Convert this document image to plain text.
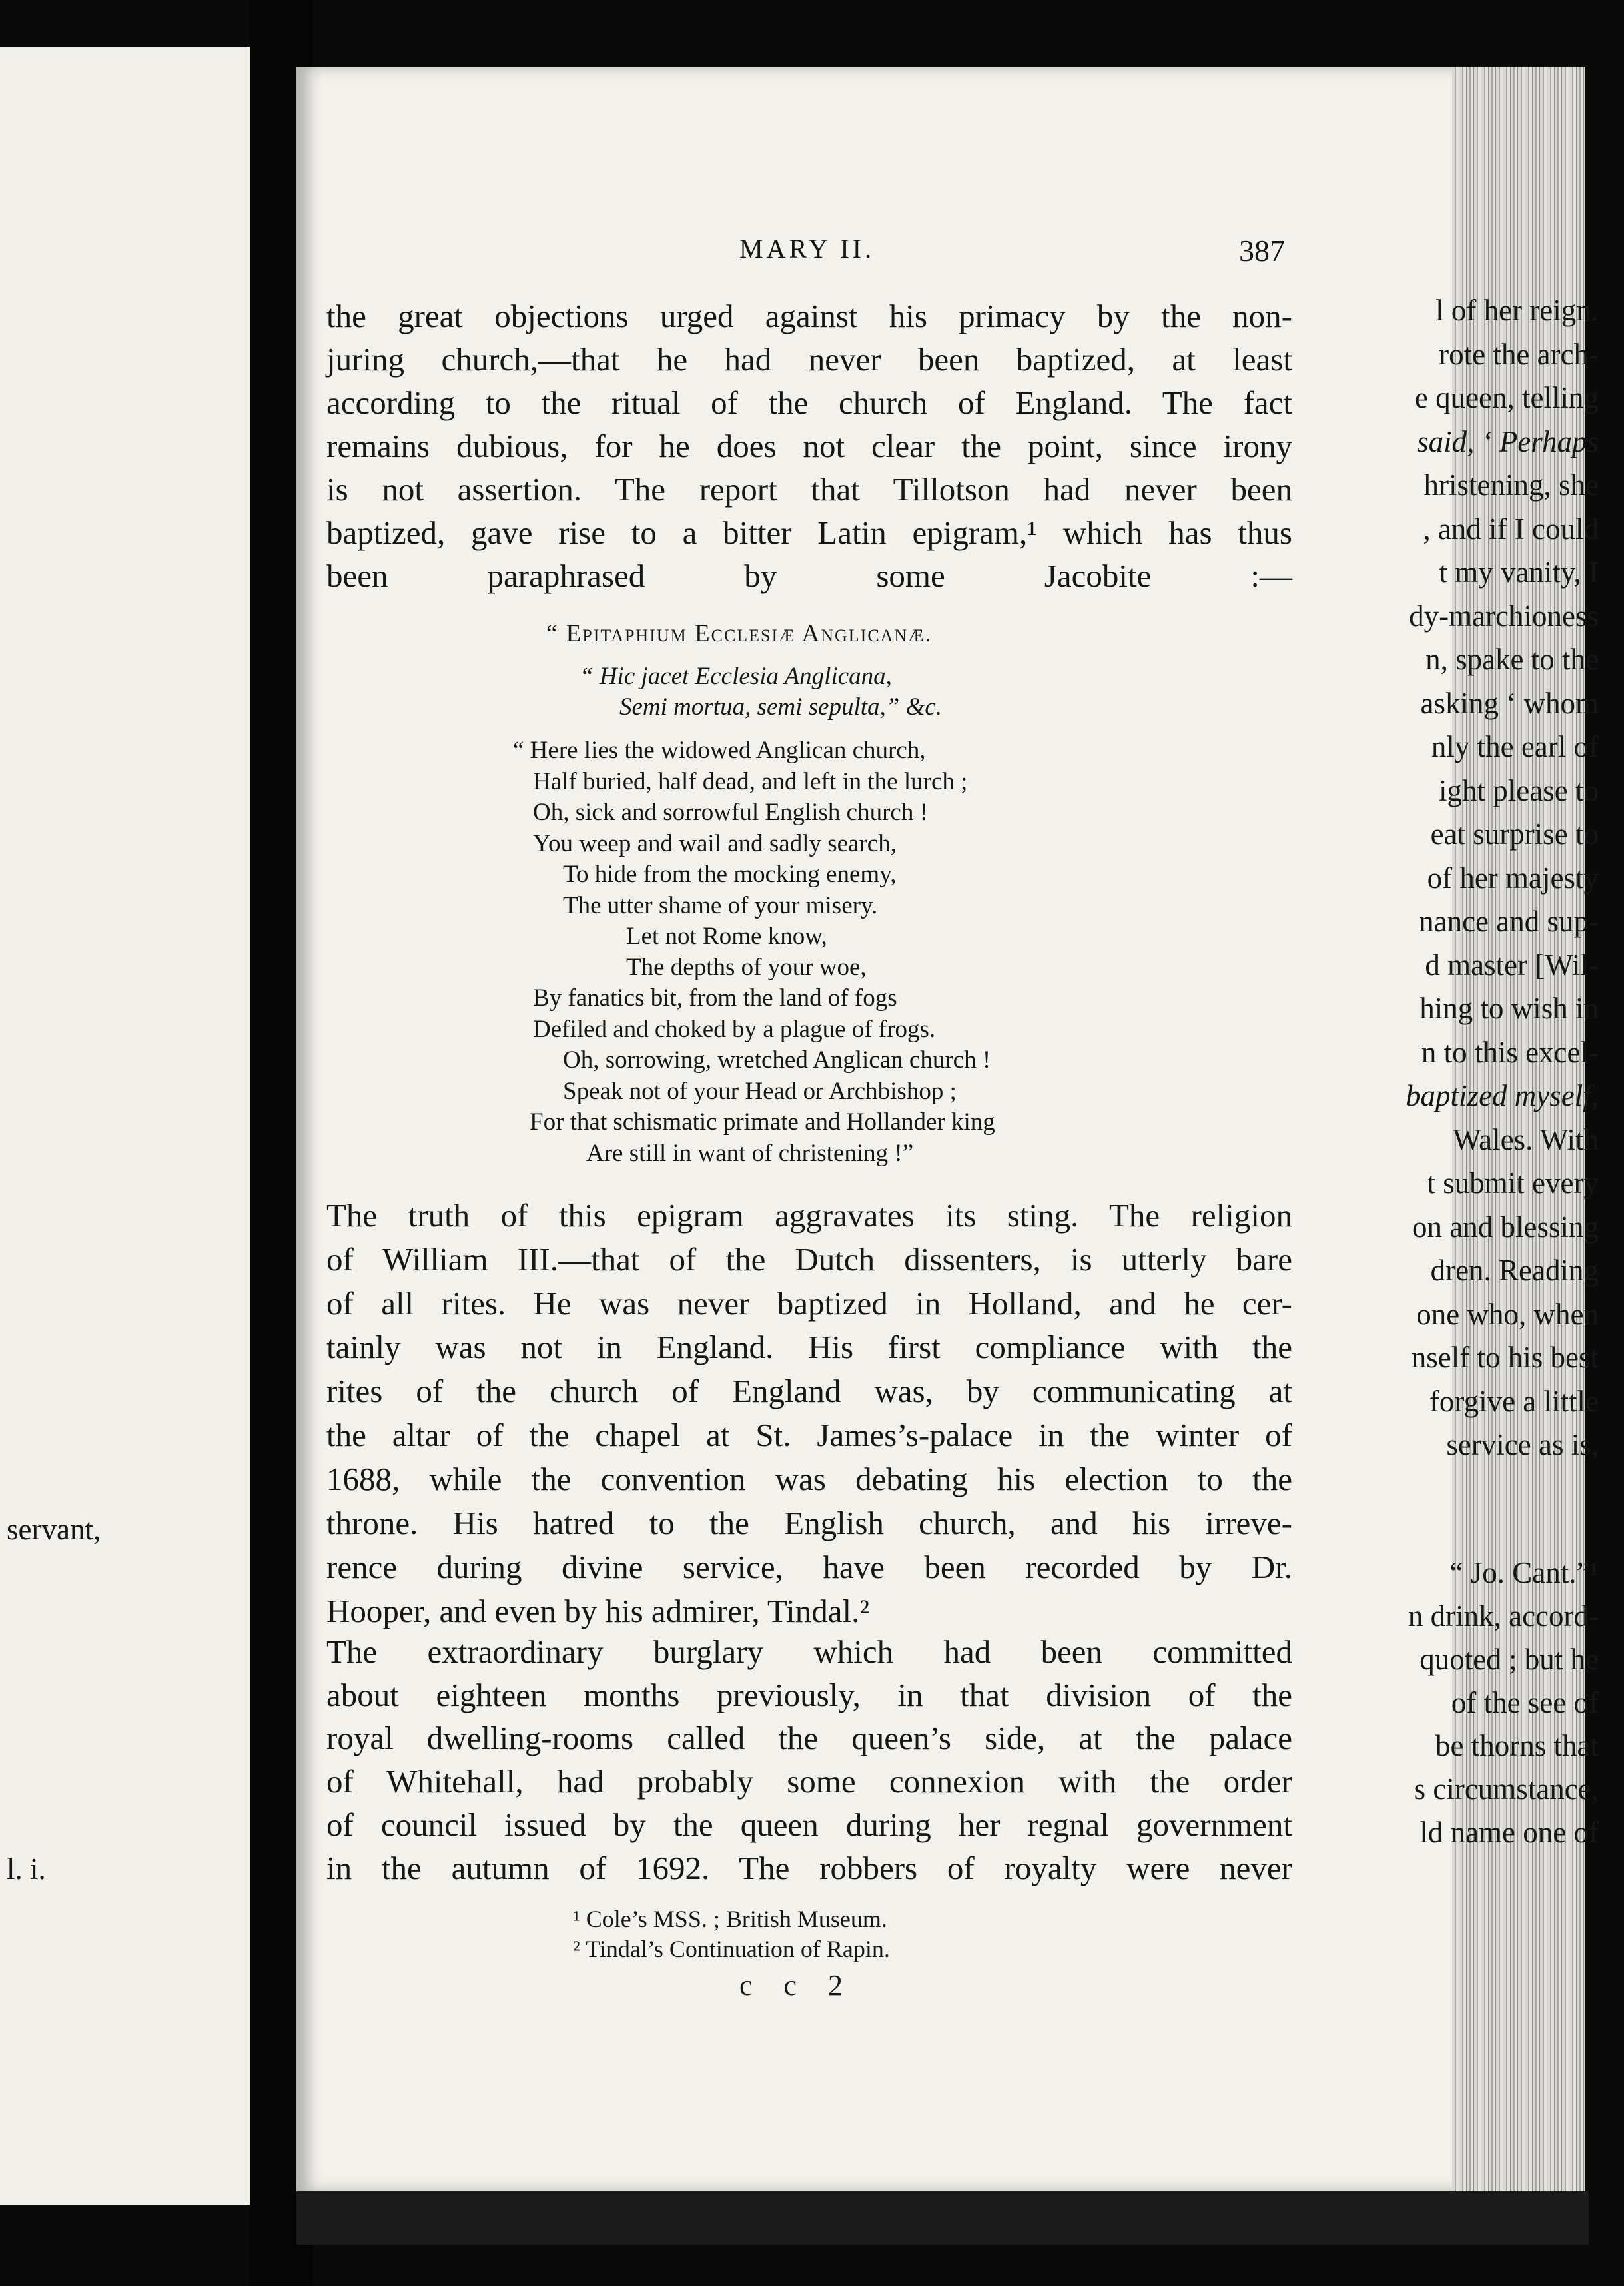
l of her reign.
rote the arch-
e queen, telling
said, ‘ Perhaps
hristening, she
, and if I could
t my vanity, I
dy-marchioness
n, spake to the
asking ‘ whom
nly the earl of
ight please to
eat surprise to
of her majesty
nance and sup-
d master [Wil-
hing to wish in
n to this excel-
baptized myself,
Wales. With
t submit every
on and blessing
dren. Reading
one who, when
nself to his best
forgive a little
service as is,
servant,
“ Jo. Cant.”¹
n drink, accord-
quoted ; but he
of the see of
be thorns that
s circumstance,
ld name one of
l. i.
MARY II.	387
the great objections urged against his primacy by the non-
juring church,—that he had never been baptized, at least
according to the ritual of the church of England. The fact
remains dubious, for he does not clear the point, since irony
is not assertion. The report that Tillotson had never been
baptized, gave rise to a bitter Latin epigram,¹ which has thus
been paraphrased by some Jacobite :—
“ Epitaphium Ecclesiæ Anglicanæ.
“ Hic jacet Ecclesia Anglicana,
Semi mortua, semi sepulta,” &c.
“ Here lies the widowed Anglican church,
Half buried, half dead, and left in the lurch ;
Oh, sick and sorrowful English church !
You weep and wail and sadly search,
To hide from the mocking enemy,
The utter shame of your misery.
Let not Rome know,
The depths of your woe,
By fanatics bit, from the land of fogs
Defiled and choked by a plague of frogs.
Oh, sorrowing, wretched Anglican church !
Speak not of your Head or Archbishop ;
For that schismatic primate and Hollander king
Are still in want of christening !”
The truth of this epigram aggravates its sting. The religion
of William III.—that of the Dutch dissenters, is utterly bare
of all rites. He was never baptized in Holland, and he cer-
tainly was not in England. His first compliance with the
rites of the church of England was, by communicating at
the altar of the chapel at St. James’s-palace in the winter of
1688, while the convention was debating his election to the
throne. His hatred to the English church, and his irreve-
rence during divine service, have been recorded by Dr.
Hooper, and even by his admirer, Tindal.²
The extraordinary burglary which had been committed
about eighteen months previously, in that division of the
royal dwelling-rooms called the queen’s side, at the palace
of Whitehall, had probably some connexion with the order
of council issued by the queen during her regnal government
in the autumn of 1692. The robbers of royalty were never
¹ Cole’s MSS. ; British Museum.
² Tindal’s Continuation of Rapin.
c c 2
